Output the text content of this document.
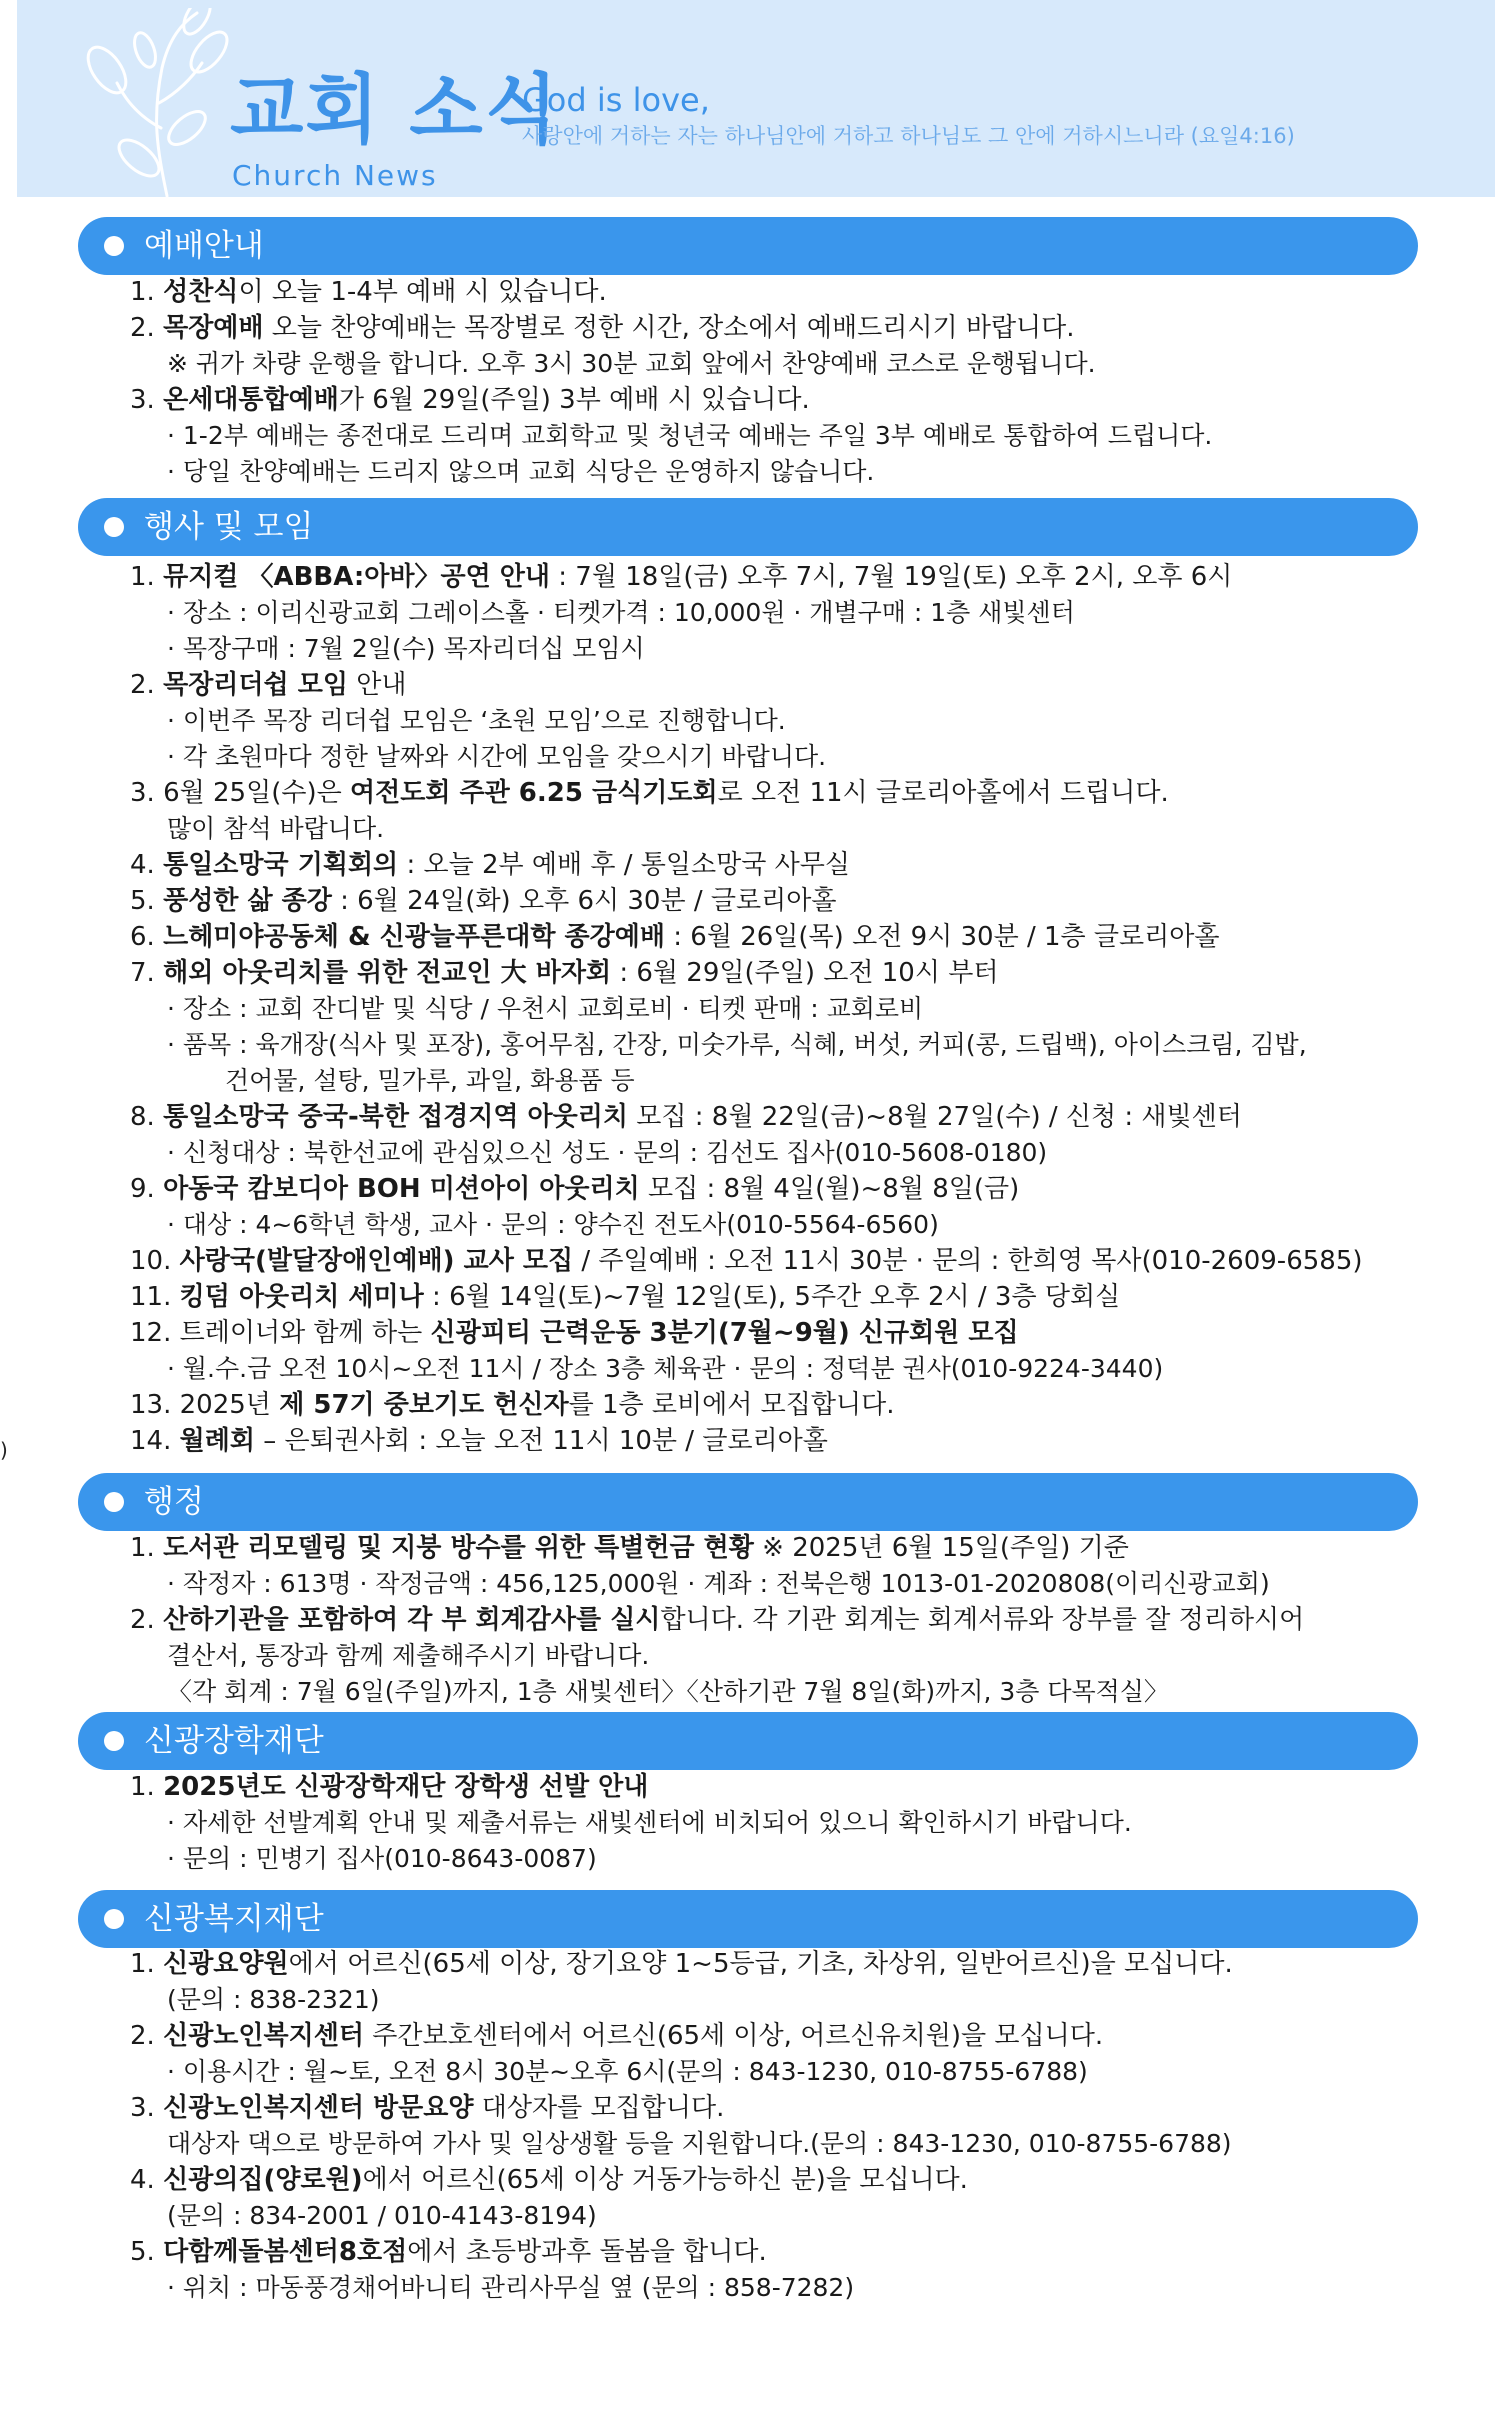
교회 소식
Church News
God is love,
사랑안에 거하는 자는 하나님안에 거하고 하나님도 그 안에 거하시느니라 (요일4:16)
)
예배안내
1. 성찬식이 오늘 1-4부 예배 시 있습니다.
2. 목장예배 오늘 찬양예배는 목장별로 정한 시간, 장소에서 예배드리시기 바랍니다.
※ 귀가 차량 운행을 합니다. 오후 3시 30분 교회 앞에서 찬양예배 코스로 운행됩니다.
3. 온세대통합예배가 6월 29일(주일) 3부 예배 시 있습니다.
· 1-2부 예배는 종전대로 드리며 교회학교 및 청년국 예배는 주일 3부 예배로 통합하여 드립니다.
· 당일 찬양예배는 드리지 않으며 교회 식당은 운영하지 않습니다.
행사 및 모임
1. 뮤지컬 〈ABBA:아바〉공연 안내 : 7월 18일(금) 오후 7시, 7월 19일(토) 오후 2시, 오후 6시
· 장소 : 이리신광교회 그레이스홀 · 티켓가격 : 10,000원 · 개별구매 : 1층 새빛센터
· 목장구매 : 7월 2일(수) 목자리더십 모임시
2. 목장리더쉽 모임 안내
· 이번주 목장 리더쉽 모임은 ‘초원 모임’으로 진행합니다.
· 각 초원마다 정한 날짜와 시간에 모임을 갖으시기 바랍니다.
3. 6월 25일(수)은 여전도회 주관 6.25 금식기도회로 오전 11시 글로리아홀에서 드립니다.
많이 참석 바랍니다.
4. 통일소망국 기획회의 : 오늘 2부 예배 후 / 통일소망국 사무실
5. 풍성한 삶 종강 : 6월 24일(화) 오후 6시 30분 / 글로리아홀
6. 느헤미야공동체 & 신광늘푸른대학 종강예배 : 6월 26일(목) 오전 9시 30분 / 1층 글로리아홀
7. 해외 아웃리치를 위한 전교인 大 바자회 : 6월 29일(주일) 오전 10시 부터
· 장소 : 교회 잔디밭 및 식당 / 우천시 교회로비 · 티켓 판매 : 교회로비
· 품목 : 육개장(식사 및 포장), 홍어무침, 간장, 미숫가루, 식혜, 버섯, 커피(콩, 드립백), 아이스크림, 김밥,
건어물, 설탕, 밀가루, 과일, 화용품 등
8. 통일소망국 중국-북한 접경지역 아웃리치 모집 : 8월 22일(금)~8월 27일(수) / 신청 : 새빛센터
· 신청대상 : 북한선교에 관심있으신 성도 · 문의 : 김선도 집사(010-5608-0180)
9. 아동국 캄보디아 BOH 미션아이 아웃리치 모집 : 8월 4일(월)~8월 8일(금)
· 대상 : 4~6학년 학생, 교사 · 문의 : 양수진 전도사(010-5564-6560)
10. 사랑국(발달장애인예배) 교사 모집 / 주일예배 : 오전 11시 30분 · 문의 : 한희영 목사(010-2609-6585)
11. 킹덤 아웃리치 세미나 : 6월 14일(토)~7월 12일(토), 5주간 오후 2시 / 3층 당회실
12. 트레이너와 함께 하는 신광피티 근력운동 3분기(7월~9월) 신규회원 모집
· 월.수.금 오전 10시~오전 11시 / 장소 3층 체육관 · 문의 : 정덕분 권사(010-9224-3440)
13. 2025년 제 57기 중보기도 헌신자를 1층 로비에서 모집합니다.
14. 월례회 – 은퇴권사회 : 오늘 오전 11시 10분 / 글로리아홀
행정
1. 도서관 리모델링 및 지붕 방수를 위한 특별헌금 현황 ※ 2025년 6월 15일(주일) 기준
· 작정자 : 613명 · 작정금액 : 456,125,000원 · 계좌 : 전북은행 1013-01-2020808(이리신광교회)
2. 산하기관을 포함하여 각 부 회계감사를 실시합니다. 각 기관 회계는 회계서류와 장부를 잘 정리하시어
결산서, 통장과 함께 제출해주시기 바랍니다.
〈각 회계 : 7월 6일(주일)까지, 1층 새빛센터〉〈산하기관 7월 8일(화)까지, 3층 다목적실〉
신광장학재단
1. 2025년도 신광장학재단 장학생 선발 안내
· 자세한 선발계획 안내 및 제출서류는 새빛센터에 비치되어 있으니 확인하시기 바랍니다.
· 문의 : 민병기 집사(010-8643-0087)
신광복지재단
1. 신광요양원에서 어르신(65세 이상, 장기요양 1~5등급, 기초, 차상위, 일반어르신)을 모십니다.
(문의 : 838-2321)
2. 신광노인복지센터 주간보호센터에서 어르신(65세 이상, 어르신유치원)을 모십니다.
· 이용시간 : 월~토, 오전 8시 30분~오후 6시(문의 : 843-1230, 010-8755-6788)
3. 신광노인복지센터 방문요양 대상자를 모집합니다.
대상자 댁으로 방문하여 가사 및 일상생활 등을 지원합니다.(문의 : 843-1230, 010-8755-6788)
4. 신광의집(양로원)에서 어르신(65세 이상 거동가능하신 분)을 모십니다.
(문의 : 834-2001 / 010-4143-8194)
5. 다함께돌봄센터8호점에서 초등방과후 돌봄을 합니다.
· 위치 : 마동풍경채어바니티 관리사무실 옆 (문의 : 858-7282)
